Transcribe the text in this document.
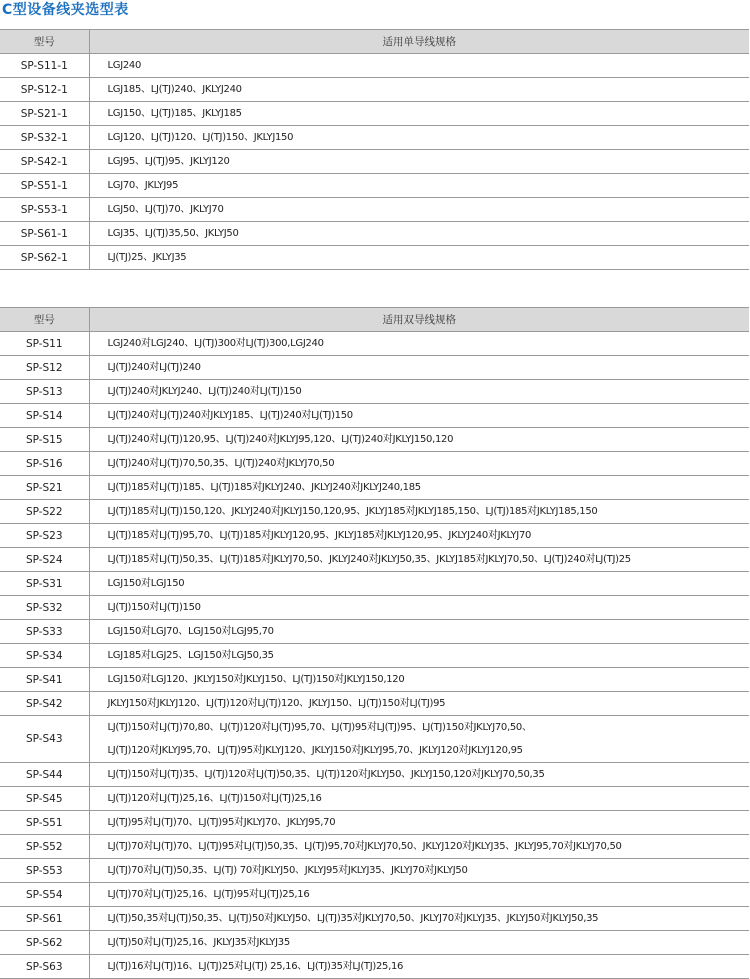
C型设备线夹选型表
型号	适用单导线规格
SP-S11-1	LGJ240

SP-S12-1	LGJ185、LJ(TJ)240、JKLYJ240

SP-S21-1	LGJ150、LJ(TJ)185、JKLYJ185

SP-S32-1	LGJ120、LJ(TJ)120、LJ(TJ)150、JKLYJ150

SP-S42-1	LGJ95、LJ(TJ)95、JKLYJ120

SP-S51-1	LGJ70、JKLYJ95

SP-S53-1	LGJ50、LJ(TJ)70、JKLYJ70

SP-S61-1	LGJ35、LJ(TJ)35,50、JKLYJ50

SP-S62-1	LJ(TJ)25、JKLYJ35
型号	适用双导线规格
SP-S11	LGJ240对LGJ240、LJ(TJ)300对LJ(TJ)300,LGJ240

SP-S12	LJ(TJ)240对LJ(TJ)240

SP-S13	LJ(TJ)240对JKLYJ240、LJ(TJ)240对LJ(TJ)150

SP-S14	LJ(TJ)240对LJ(TJ)240对JKLYJ185、LJ(TJ)240对LJ(TJ)150

SP-S15	LJ(TJ)240对LJ(TJ)120,95、LJ(TJ)240对JKLYJ95,120、LJ(TJ)240对JKLYJ150,120

SP-S16	LJ(TJ)240对LJ(TJ)70,50,35、LJ(TJ)240对JKLYJ70,50

SP-S21	LJ(TJ)185对LJ(TJ)185、LJ(TJ)185对JKLYJ240、JKLYJ240对JKLYJ240,185

SP-S22	LJ(TJ)185对LJ(TJ)150,120、JKLYJ240对JKLYJ150,120,95、JKLYJ185对JKLYJ185,150、LJ(TJ)185对JKLYJ185,150

SP-S23	LJ(TJ)185对LJ(TJ)95,70、LJ(TJ)185对JKLYJ120,95、JKLYJ185对JKLYJ120,95、JKLYJ240对JKLYJ70

SP-S24	LJ(TJ)185对LJ(TJ)50,35、LJ(TJ)185对JKLYJ70,50、JKLYJ240对JKLYJ50,35、JKLYJ185对JKLYJ70,50、LJ(TJ)240对LJ(TJ)25

SP-S31	LGJ150对LGJ150

SP-S32	LJ(TJ)150对LJ(TJ)150

SP-S33	LGJ150对LGJ70、LGJ150对LGJ95,70

SP-S34	LGJ185对LGJ25、LGJ150对LGJ50,35

SP-S41	LGJ150对LGJ120、JKLYJ150对JKLYJ150、LJ(TJ)150对JKLYJ150,120

SP-S42	JKLYJ150对JKLYJ120、LJ(TJ)120对LJ(TJ)120、JKLYJ150、LJ(TJ)150对LJ(TJ)95

SP-S43	LJ(TJ)150对LJ(TJ)70,80、LJ(TJ)120对LJ(TJ)95,70、LJ(TJ)95对LJ(TJ)95、LJ(TJ)150对JKLYJ70,50、
LJ(TJ)120对JKLYJ95,70、LJ(TJ)95对JKLYJ120、JKLYJ150对JKLYJ95,70、JKLYJ120对JKLYJ120,95

SP-S44	LJ(TJ)150对LJ(TJ)35、LJ(TJ)120对LJ(TJ)50,35、LJ(TJ)120对JKLYJ50、JKLYJ150,120对JKLYJ70,50,35

SP-S45	LJ(TJ)120对LJ(TJ)25,16、LJ(TJ)150对LJ(TJ)25,16

SP-S51	LJ(TJ)95对LJ(TJ)70、LJ(TJ)95对JKLYJ70、JKLYJ95,70

SP-S52	LJ(TJ)70对LJ(TJ)70、LJ(TJ)95对LJ(TJ)50,35、LJ(TJ)95,70对JKLYJ70,50、JKLYJ120对JKLYJ35、JKLYJ95,70对JKLYJ70,50

SP-S53	LJ(TJ)70对LJ(TJ)50,35、LJ(TJ) 70对JKLYJ50、JKLYJ95对JKLYJ35、JKLYJ70对JKLYJ50

SP-S54	LJ(TJ)70对LJ(TJ)25,16、LJ(TJ)95对LJ(TJ)25,16

SP-S61	LJ(TJ)50,35对LJ(TJ)50,35、LJ(TJ)50对JKLYJ50、LJ(TJ)35对JKLYJ70,50、JKLYJ70对JKLYJ35、JKLYJ50对JKLYJ50,35

SP-S62	LJ(TJ)50对LJ(TJ)25,16、JKLYJ35对JKLYJ35

SP-S63	LJ(TJ)16对LJ(TJ)16、LJ(TJ)25对LJ(TJ) 25,16、LJ(TJ)35对LJ(TJ)25,16
